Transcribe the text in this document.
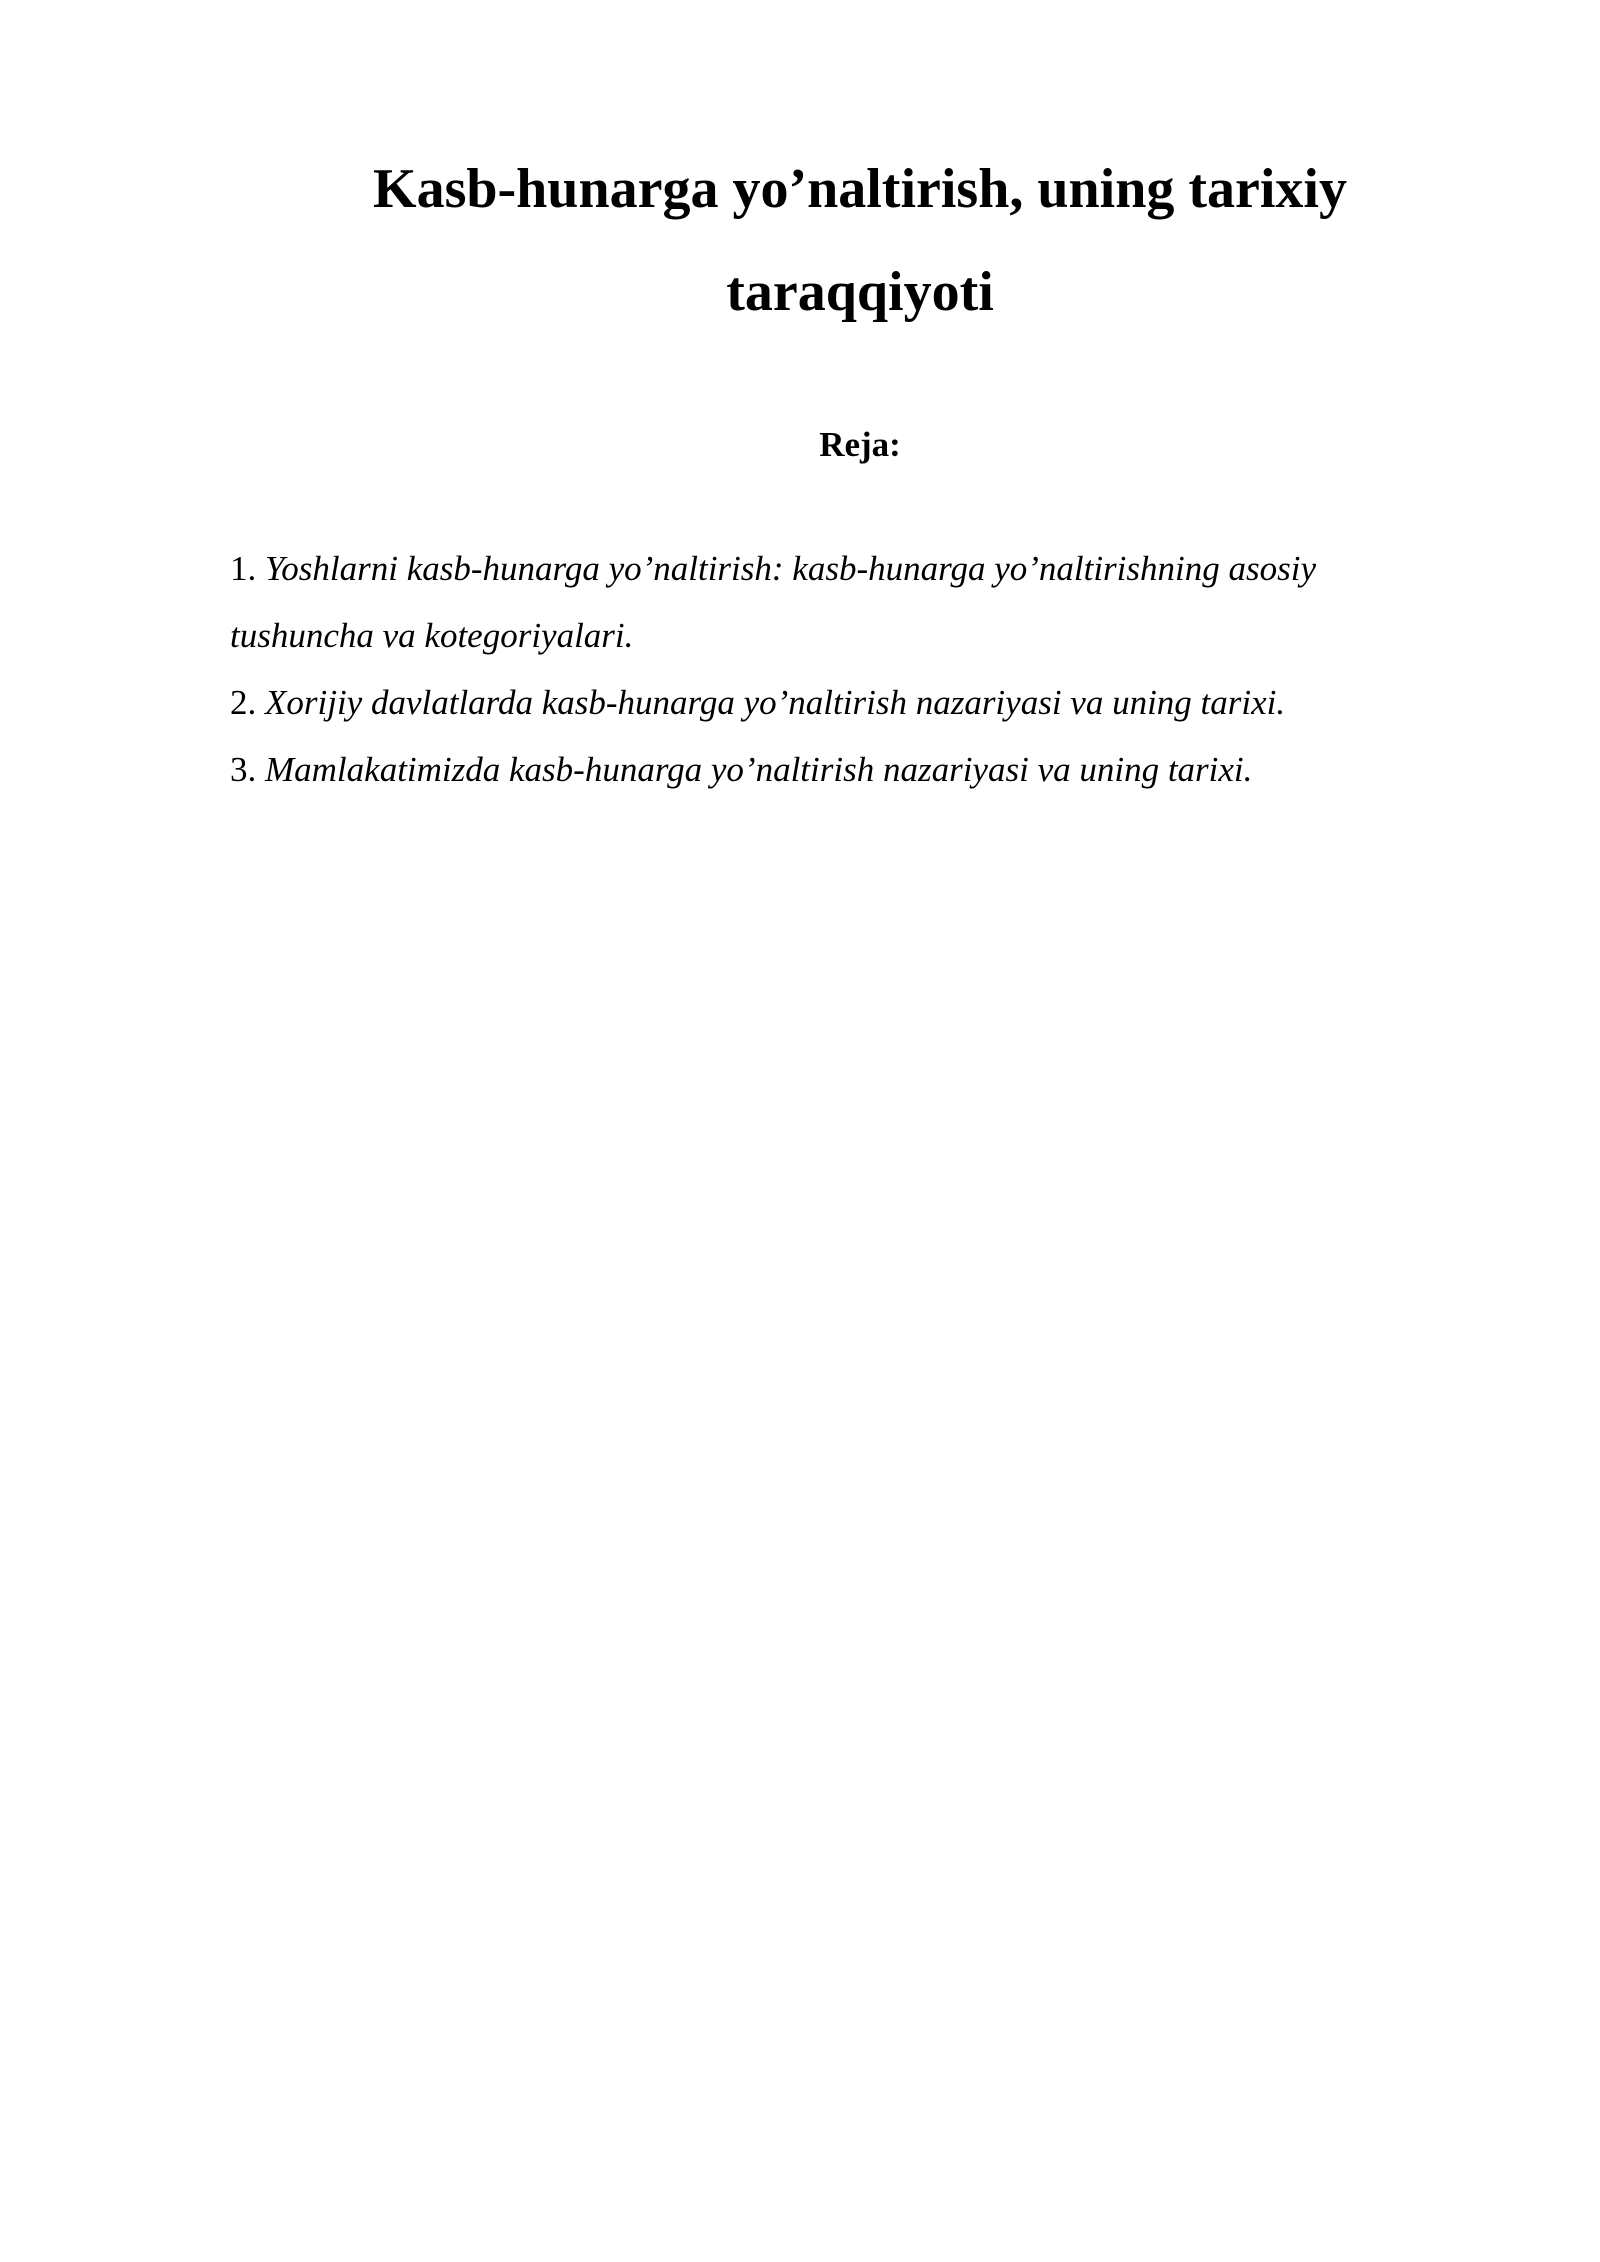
Kasb-hunarga yo’naltirish, uning tarixiy taraqqiyoti
Reja:
1. Yoshlarni kasb-hunarga yo’naltirish: kasb-hunarga yo’naltirishning asosiy tushuncha va kotegoriyalari.
2. Xorijiy davlatlarda kasb-hunarga yo’naltirish nazariyasi va uning tarixi.
3. Mamlakatimizda kasb-hunarga yo’naltirish nazariyasi va uning tarixi.
